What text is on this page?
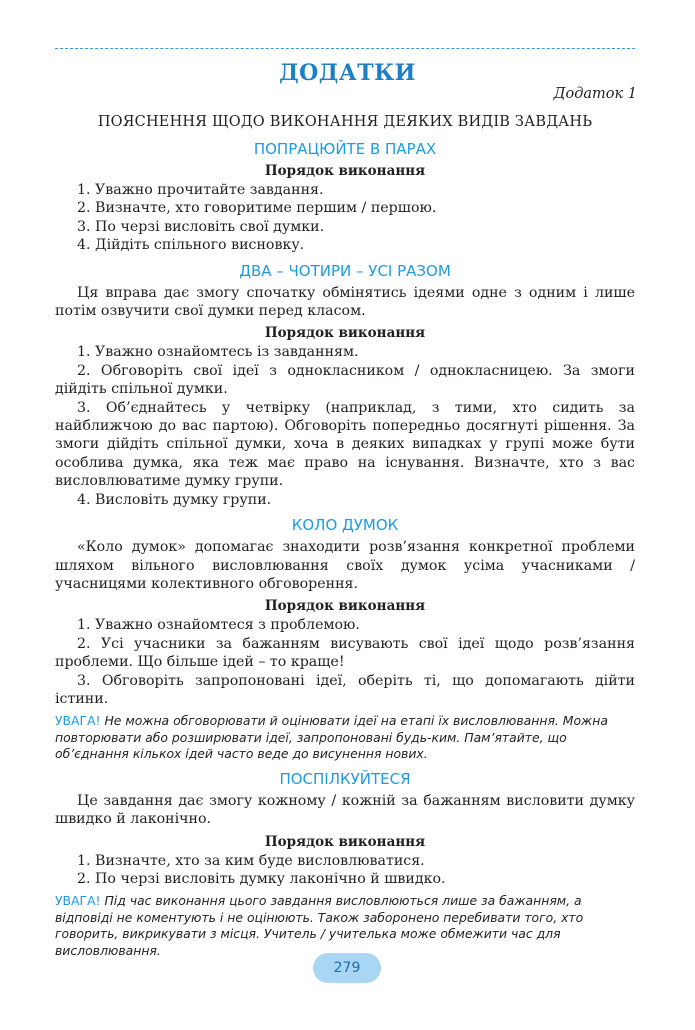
ДОДАТКИ
Додаток 1
ПОЯСНЕННЯ ЩОДО ВИКОНАННЯ ДЕЯКИХ ВИДІВ ЗАВДАНЬ
ПОПРАЦЮЙТЕ В ПАРАХ
Порядок виконання

1. Уважно прочитайте завдання.

2. Визначте, хто говоритиме першим / першою.

3. По черзі висловіть свої думки.

4. Дійдіть спільного висновку.

ДВА – ЧОТИРИ – УСІ РАЗОМ

Ця вправа дає змогу спочатку обмінятись ідеями одне з одним і лише потім озвучити свої думки перед класом.

Порядок виконання

1. Уважно ознайомтесь із завданням.

2. Обговоріть свої ідеї з однокласником / однокласницею. За змоги дійдіть спільної думки.

3. Об’єднайтесь у четвірку (наприклад, з тими, хто сидить за найближчою до вас партою). Обговоріть попередньо досягнуті рішення. За змоги дійдіть спільної думки, хоча в деяких випадках у групі може бути особлива думка, яка теж має право на існування. Визначте, хто з вас висловлюватиме думку групи.

4. Висловіть думку групи.

КОЛО ДУМОК

«Коло думок» допомагає знаходити розв’язання конкретної проблеми шляхом вільного висловлювання своїх думок усіма учасниками / учасницями колективного обговорення.

Порядок виконання

1. Уважно ознайомтеся з проблемою.

2. Усі учасники за бажанням висувають свої ідеї щодо розв’язання проблеми. Що більше ідей – то краще!

3. Обговоріть запропоновані ідеї, оберіть ті, що допомагають дійти істини.

УВАГА! Не можна обговорювати й оцінювати ідеї на етапі їх висловлювання. Можна повторювати або розширювати ідеї, запропоновані будь-ким. Пам’ятайте, що об’єднання кількох ідей часто веде до висунення нових.
ПОСПІЛКУЙТЕСЯ

Це завдання дає змогу кожному / кожній за бажанням висловити думку швидко й лаконічно.

Порядок виконання

1. Визначте, хто за ким буде висловлюватися.

2. По черзі висловіть думку лаконічно й швидко.

УВАГА! Під час виконання цього завдання висловлюються лише за бажанням, а відповіді не коментують і не оцінюють. Також заборонено перебивати того, хто говорить, викрикувати з місця. Учитель / учителька може обмежити час для висловлювання.
279
